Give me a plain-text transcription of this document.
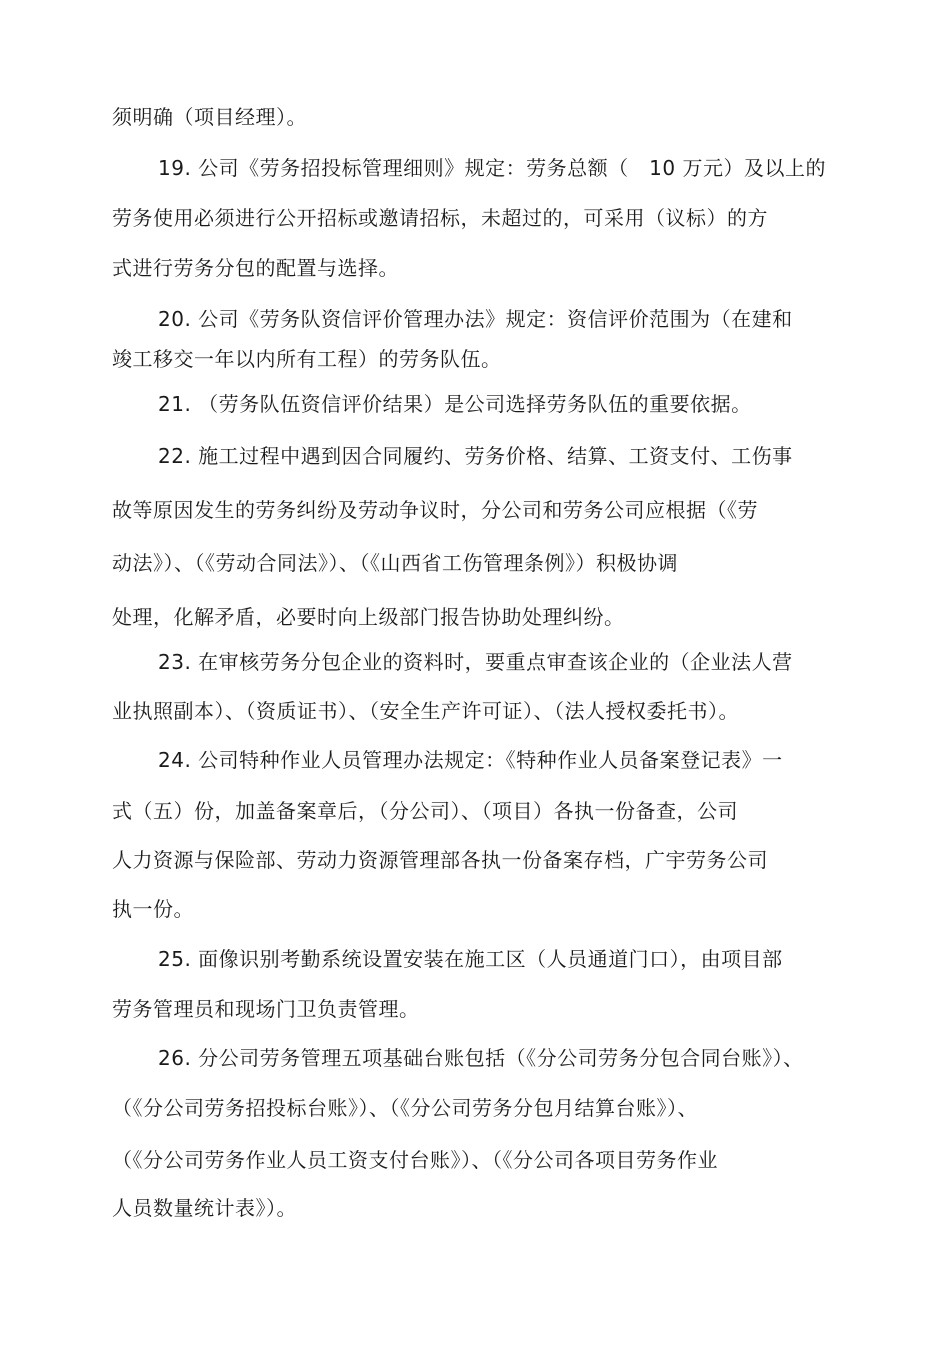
须明确（项目经理）。

19. 公司《劳务招投标管理细则》规定：劳务总额（　10 万元）及以上的

劳务使用必须进行公开招标或邀请招标，未超过的，可采用（议标）的方

式进行劳务分包的配置与选择。

20. 公司《劳务队资信评价管理办法》规定：资信评价范围为（在建和

竣工移交一年以内所有工程）的劳务队伍。

21. （劳务队伍资信评价结果）是公司选择劳务队伍的重要依据。

22. 施工过程中遇到因合同履约、劳务价格、结算、工资支付、工伤事

故等原因发生的劳务纠纷及劳动争议时，分公司和劳务公司应根据（《劳

动法》）、（《劳动合同法》）、（《山西省工伤管理条例》）积极协调

处理，化解矛盾，必要时向上级部门报告协助处理纠纷。

23. 在审核劳务分包企业的资料时，要重点审查该企业的（企业法人营

业执照副本）、（资质证书）、（安全生产许可证）、（法人授权委托书）。

24. 公司特种作业人员管理办法规定：《特种作业人员备案登记表》一

式（五）份，加盖备案章后，（分公司）、（项目）各执一份备查，公司

人力资源与保险部、劳动力资源管理部各执一份备案存档，广宇劳务公司

执一份。

25. 面像识别考勤系统设置安装在施工区（人员通道门口），由项目部

劳务管理员和现场门卫负责管理。

26. 分公司劳务管理五项基础台账包括（《分公司劳务分包合同台账》）、

（《分公司劳务招投标台账》）、（《分公司劳务分包月结算台账》）、

（《分公司劳务作业人员工资支付台账》）、（《分公司各项目劳务作业

人员数量统计表》）。
